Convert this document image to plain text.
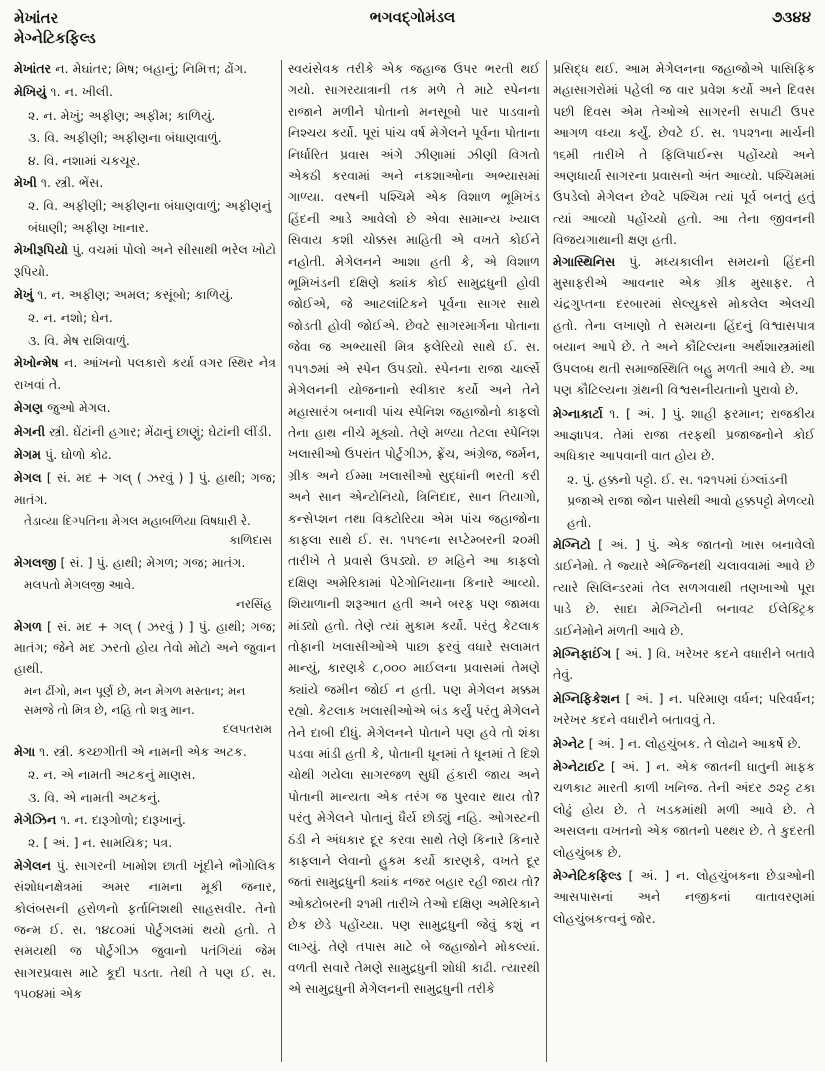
મેખાંતર
મેગ્નેટિકફિલ્ડ
ભગવદ્ગોમંડલ	૭૩૪૪

મેખાંતર ન. મેઘાંતર; મિષ; બહાનું; નિમિત્ત; ઢોંગ.

મેખિયું ૧. ન. ખીલી.

૨. ન. મેખું; અફીણ; અફીમ; કાળિયું.

૩. વિ. અફીણી; અફીણના બંધાણવાળું.

૪. વિ. નશામાં ચકચૂર.

મેખી ૧. સ્ત્રી. ભેંસ.

૨. વિ. અફીણી; અફીણના બંધાણવાળું; અફીણનું બંધાણી; અફીણ ખાનાર.

મેખીરૂપિયો પું. વચમાં પોલો અને સીસાથી ભરેલ ખોટો રૂપિયો.

મેખું ૧. ન. અફીણ; અમલ; કસૂંબો; કાળિયું.

૨. ન. નશો; ઘેન.

૩. વિ. મેષ રાશિવાળું.

મેખોન્મેષ ન. આંખનો પલકારો કર્યા વગર સ્થિર નેત્ર રાખવાં તે.

મેગણ જુઓ મેગલ.

મેગની સ્ત્રી. ઘેંટાંની હગાર; મેંઢાનું છાણું; ઘેટાંની લીંડી.

મેગમ પું. ઘોળો કોઢ.

મેગલ [ સં. મદ + ગલ્ ( ઝરવું ) ] પું. હાથી; ગજ; માતંગ.

તેડાવ્યા દિગ્પતિના મેગલ મહાબળિયા વિષધારી રે.

કાળિદાસ

મેગલજી [ સં. ] પું. હાથી; મેગળ; ગજ; માતંગ.

મલપતો મેગલજી આવે.

નરસિંહ

મેગળ [ સં. મદ + ગલ્ ( ઝરવું ) ] પું. હાથી; ગજ; માતંગ; જેને મદ ઝરતો હોય તેવો મોટો અને જુવાન હાથી.

મન ઢીંગો, મન પૂર્ણ છે, મન મેગળ મસ્તાન; મન સમજે તો મિત્ર છે, નહિ તો શત્રુ માન.

દલપતરામ

મેગા ૧. સ્ત્રી. કચ્છગીતી એ નામની એક અટક.

૨. ન. એ નામતી અટકનું માણસ.

૩. વિ. એ નામતી અટકનું.

મેગેઝિન ૧. ન. દારૂગોળો; દારૂખાનું.

૨. [ અં. ] ન. સામયિક; પત્ર.

મેગેલન પું. સાગરની ખામોશ છાતી ખૂંદીને ભૌગોલિક સંશોધનક્ષેત્રમાં અમર નામના મૂકી જનાર, કોલંબસની હરોળનો ફર્તાનિશથી સાહસવીર. તેનો જન્મ ઈ. સ. ૧૪૮૦માં પોર્ટુગલમાં થયો હતો. તે સમયથી જ પોર્ટુગીઝ જુવાનો પતંગિયાં જેમ સાગરપ્રવાસ માટે કૂદી પડતા. તેથી તે પણ ઈ. સ. ૧૫૦૪માં એક

સ્વયંસેવક તરીકે એક જહાજ ઉપર ભરતી થઈ ગયો. સાગરયાત્રાની તક મળે તે માટે સ્પેનના રાજાને મળીને પોતાનો મનસૂબો પાર પાડવાનો નિશ્ચય કર્યો. પૂરાં પાંચ વર્ષ મેગેલને પૂર્વના પોતાના નિર્ધારિત પ્રવાસ અંગે ઝીણામાં ઝીણી વિગતો એકઠી કરવામાં અને નકશાઓના અભ્યાસમાં ગાળ્યા. વરષની પશ્ચિમે એક વિશાળ ભૂમિખંડ હિંદની આડે આવેલો છે એવા સામાન્ય ખ્યાલ સિવાય કશી ચોક્કસ માહિતી એ વખતે કોઈને નહોતી. મેગેલનને આશા હતી કે, એ વિશાળ ભૂમિખંડની દક્ષિણે ક્યાંક કોઈ સામુદ્રધુની હોવી જોઈએ, જે આટલાંટિકને પૂર્વના સાગર સાથે જોડતી હોવી જોઈએ. છેવટે સાગરમાર્ગના પોતાના જેવા જ અભ્યાસી મિત્ર ફલેરિયો સાથે ઈ. સ. ૧૫૧૭માં એ સ્પેન ઉપડ્યો. સ્પેનના રાજા ચાર્લ્સે મેગેલનની યોજનાનો સ્વીકાર કર્યો અને તેને મહાસારંગ બનાવી પાંચ સ્પેનિશ જહાજોનો કાફલો તેના હાથ નીચે મૂક્યો. તેણે મળ્યા તેટલા સ્પેનિશ ખલાસીઓ ઉપરાંત પોર્ટુગીઝ, ફ્રેંચ, અંગ્રેજ, જર્મન, ગ્રીક અને ઈમ્મા ખલાસીઓ સુદ્ધાંની ભરતી કરી અને સાન એન્ટોનિયો, ત્રિનિદાદ, સાન તિયાગો, કન્સેપ્શન તથા વિક્ટોરિયા એમ પાંચ જહાજોના કાફલા સાથે ઈ. સ. ૧૫૧૯ના સપ્ટેમ્બરની ૨૦મી તારીખે તે પ્રવાસે ઉપડ્યો. છ મહિને આ કાફલો દક્ષિણ અમેરિકામાં પેટેગોનિયાના કિનારે આવ્યો. શિયાળાની શરૂઆત હતી અને બરફ પણ જામવા માંડ્યો હતો. તેણે ત્યાં મુકામ કર્યો. પરંતુ કેટલાક તોફાની ખલાસીઓએ પાછા ફરવું વધારે સલામત માન્યું, કારણકે ૮,૦૦૦ માઈલના પ્રવાસમાં તેમણે ક્યાંયે જમીન જોઈ ન હતી. પણ મેગેલન મક્કમ રહ્યો. કેટલાક ખલાસીઓએ બંડ કર્યું પરંતુ મેગેલને તેને દાબી દીધું. મેગેલનને પોતાને પણ હવે તો શંકા પડવા માંડી હતી કે, પોતાની ધૂનમાં તે ધૂનમાં તે દિશે ચોથી ગયેલા સાગરજળ સુધી હંકારી જાય અને પોતાની માન્યતા એક તરંગ જ પુરવાર થાય તો? પરંતુ મેગેલને પોતાનું ધૈર્ય છોડ્યું નહિ. ઓગસ્ટની ઠંડી ને અંધકાર દૂર કરવા સાથે તેણે કિનારે કિનારે કાફલાને લેવાનો હુકમ કર્યો કારણકે, વખતે દૂર જતાં સામુદ્રધુની ક્યાંક નજર બહાર રહી જાય તો? ઓક્ટોબરની ૨૧મી તારીખે તેઓ દક્ષિણ અમેરિકાને છેક છેડે પહોંચ્યા. પણ સામુદ્રધુની જેવું કશું ન લાગ્યું. તેણે તપાસ માટે બે જહાજોને મોકલ્યાં. વળતી સવારે તેમણે સામુદ્રધુની શોધી કાઢી. ત્યારથી એ સામુદ્રધુની મેગેલનની સામુદ્રધુની તરીકે

પ્રસિદ્ધ થઈ. આમ મેગેલનના જહાજોએ પાસિફિક મહાસાગરોમાં પહેલી જ વાર પ્રવેશ કર્યો અને દિવસ પછી દિવસ એમ તેઓએ સાગરની સપાટી ઉપર આગળ વધ્યા કર્યું. છેવટે ઈ. સ. ૧૫૨૧ના માર્ચની ૧૬મી તારીખે તે ફિલિપાઈન્સ પહોંચ્યો અને અણધાર્યા સાગરના પ્રવાસનો અંત આવ્યો. પશ્ચિમમાં ઉપડેલો મેગેલન છેવટે પશ્ચિમ ત્યાં પૂર્વ બનતું હતું ત્યાં આવ્યો પહોંચ્યો હતો. આ તેના જીવનની વિજયગાથાની ક્ષણ હતી.

મેગાસ્થિનિસ પું. મધ્યકાલીન સમયનો હિંદની મુસાફરીએ આવનાર એક ગ્રીક મુસાફર. તે ચંદ્રગુપ્તના દરબારમાં સેલ્યુકસે મોકલેલ એલચી હતો. તેના લખાણો તે સમયના હિંદનું વિશ્વાસપાત્ર બયાન આપે છે. તે અને કૌટિલ્યના અર્થશાસ્ત્રમાંથી ઉપલબ્ધ થતી સમાજસ્થિતિ બહુ મળતી આવે છે. આ પણ કૌટિલ્યના ગ્રંથની વિશ્વસનીયતાનો પુરાવો છે.

મેગ્નાકાર્ટા ૧. [ અં. ] પું. શાહી ફરમાન; રાજકીય આજ્ઞાપત્ર. તેમાં રાજા તરફથી પ્રજાજનોને કોઈ અધિકાર આપવાની વાત હોય છે.

૨. પું. હક્કનો પટ્ટો. ઈ. સ. ૧૨૧૫માં ઇંગ્લાંડની પ્રજાએ રાજા જોન પાસેથી આવો હક્કપટ્ટો મેળવ્યો હતો.

મેગ્નિટો [ અં. ] પું. એક જાતનો ખાસ બનાવેલો ડાઈનેમો. તે જ્યારે એન્જિનથી ચલાવવામાં આવે છે ત્યારે સિલિન્ડરમાં તેલ સળગવાથી તણખાઓ પૂરા પાડે છે. સાદા મેગ્નિટોની બનાવટ ઈલેક્ટ્રિક ડાઈનેમોને મળતી આવે છે.

મેગ્નિફાઈંગ [ અં. ] વિ. ખરેખર કદને વધારીને બતાવે તેવું.

મેગ્નિફિકેશન [ અં. ] ન. પરિમાણ વર્ધન; પરિવર્ધન; ખરેખર કદને વધારીને બતાવવું તે.

મેગ્નેટ [ અં. ] ન. લોહચુંબક. તે લોઢાને આકર્ષે છે.

મેગ્નેટાઈટ [ અં. ] ન. એક જાતની ધાતુની માફક ચળકાટ મારતી કાળી ખનિજ. તેની અંદર ૭૨ટ્ટ ટકા લોઢું હોય છે. તે ખડકમાંથી મળી આવે છે. તે અસલના વખતનો એક જાતનો પથ્થર છે. તે કુદરતી લોહચુંબક છે.

મેગ્નેટિકફિલ્ડ [ અં. ] ન. લોહચુંબકના છેડાઓની આસપાસનાં અને નજીકનાં વાતાવરણમાં લોહચુંબકત્વનું જોર.
